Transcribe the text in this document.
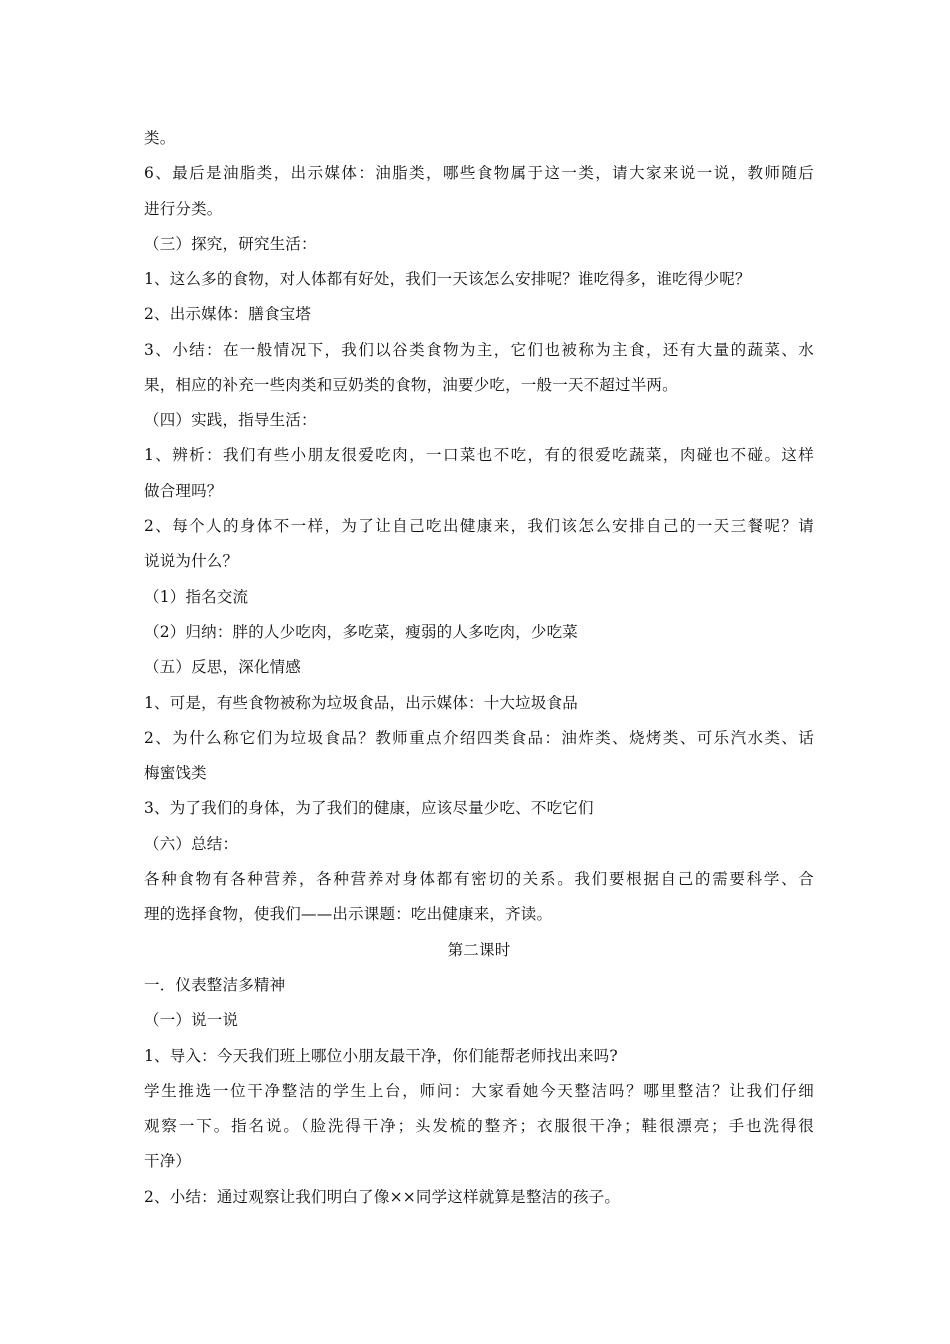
类。
6、最后是油脂类，出示媒体：油脂类，哪些食物属于这一类，请大家来说一说，教师随后
进行分类。
（三）探究，研究生活：
1、这么多的食物，对人体都有好处，我们一天该怎么安排呢？谁吃得多，谁吃得少呢？
2、出示媒体：膳食宝塔
3、小结：在一般情况下，我们以谷类食物为主，它们也被称为主食，还有大量的蔬菜、水
果，相应的补充一些肉类和豆奶类的食物，油要少吃，一般一天不超过半两。
（四）实践，指导生活：
1、辨析：我们有些小朋友很爱吃肉，一口菜也不吃，有的很爱吃蔬菜，肉碰也不碰。这样
做合理吗？
2、每个人的身体不一样，为了让自己吃出健康来，我们该怎么安排自己的一天三餐呢？请
说说为什么？
（1）指名交流
（2）归纳：胖的人少吃肉，多吃菜，瘦弱的人多吃肉，少吃菜
（五）反思，深化情感
1、可是，有些食物被称为垃圾食品，出示媒体：十大垃圾食品
2、为什么称它们为垃圾食品？教师重点介绍四类食品：油炸类、烧烤类、可乐汽水类、话
梅蜜饯类
3、为了我们的身体，为了我们的健康，应该尽量少吃、不吃它们
（六）总结：
各种食物有各种营养，各种营养对身体都有密切的关系。我们要根据自己的需要科学、合
理的选择食物，使我们——出示课题：吃出健康来，齐读。
第二课时
一．仪表整洁多精神
（一）说一说
1、导入：今天我们班上哪位小朋友最干净，你们能帮老师找出来吗?
学生推选一位干净整洁的学生上台，师问：大家看她今天整洁吗？哪里整洁？让我们仔细
观察一下。指名说。（脸洗得干净；头发梳的整齐；衣服很干净；鞋很漂亮；手也洗得很
干净）
2、小结：通过观察让我们明白了像××同学这样就算是整洁的孩子。
